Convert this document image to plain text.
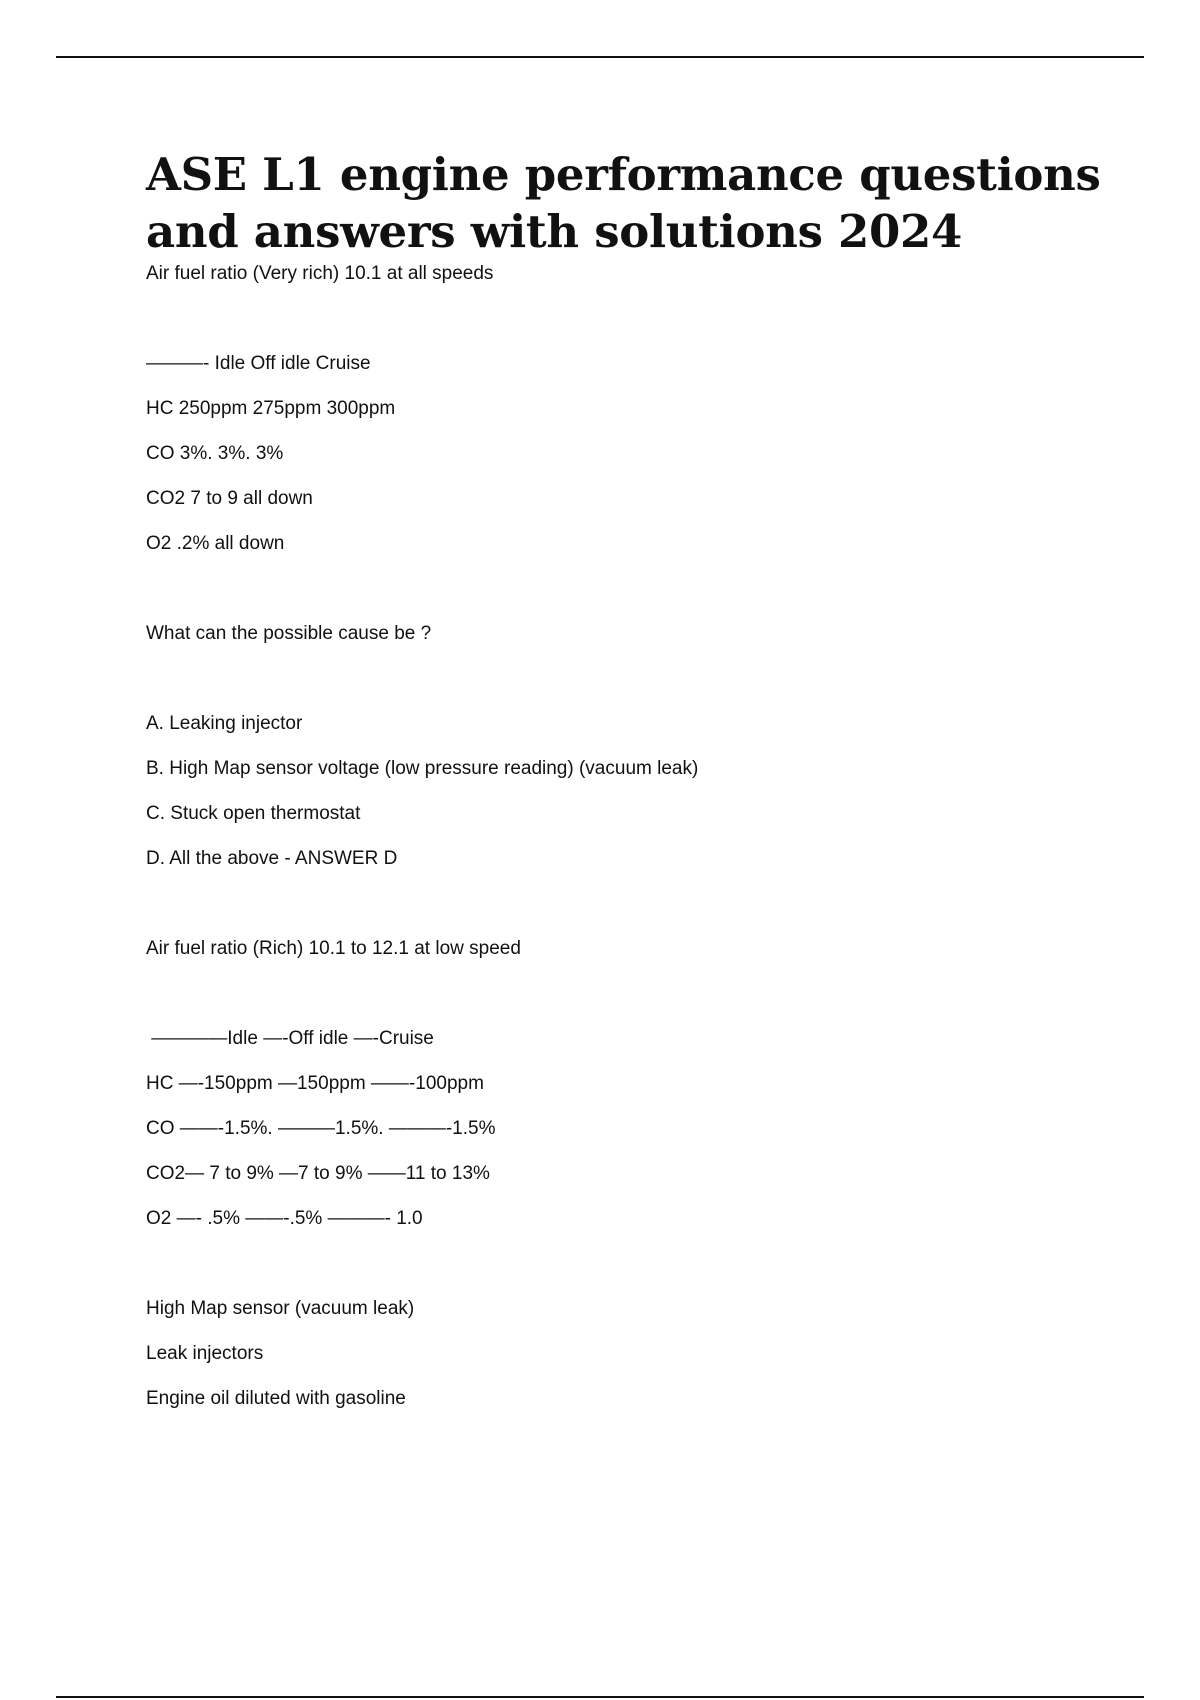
ASE L1 engine performance questions and answers with solutions 2024

Air fuel ratio (Very rich) 10.1 at all speeds

———- Idle Off idle Cruise

HC 250ppm 275ppm 300ppm

CO 3%. 3%. 3%

CO2 7 to 9 all down

O2 .2% all down

What can the possible cause be ?

A. Leaking injector

B. High Map sensor voltage (low pressure reading) (vacuum leak)

C. Stuck open thermostat

D. All the above - ANSWER D

Air fuel ratio (Rich) 10.1 to 12.1 at low speed

————Idle —-Off idle —-Cruise

HC —-150ppm —150ppm ——-100ppm

CO ——-1.5%. ———1.5%. ———-1.5%

CO2— 7 to 9% —7 to 9% ——11 to 13%

O2 —- .5% ——-.5% ———- 1.0

High Map sensor (vacuum leak)

Leak injectors

Engine oil diluted with gasoline
